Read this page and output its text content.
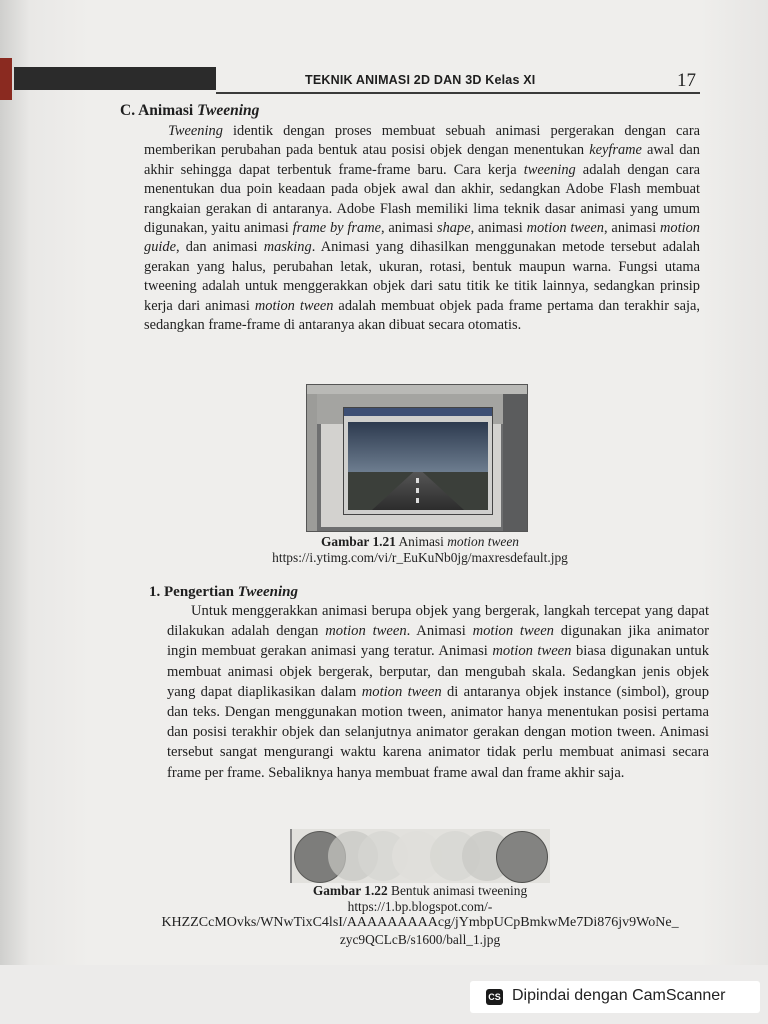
TEKNIK ANIMASI 2D DAN 3D Kelas XI	17
C. Animasi Tweening

Tweening identik dengan proses membuat sebuah animasi pergerakan dengan cara memberikan perubahan pada bentuk atau posisi objek dengan menentukan keyframe awal dan akhir sehingga dapat terbentuk frame-frame baru. Cara kerja tweening adalah dengan cara menentukan dua poin keadaan pada objek awal dan akhir, sedangkan Adobe Flash membuat rangkaian gerakan di antaranya. Adobe Flash memiliki lima teknik dasar animasi yang umum digunakan, yaitu animasi frame by frame, animasi shape, animasi motion tween, animasi motion guide, dan animasi masking. Animasi yang dihasilkan menggunakan metode tersebut adalah gerakan yang halus, perubahan letak, ukuran, rotasi, bentuk maupun warna. Fungsi utama tweening adalah untuk menggerakkan objek dari satu titik ke titik lainnya, sedangkan prinsip kerja dari animasi motion tween adalah membuat objek pada frame pertama dan terakhir saja, sedangkan frame-frame di antaranya akan dibuat secara otomatis.

Gambar 1.21 Animasi motion tween

https://i.ytimg.com/vi/r_EuKuNb0jg/maxresdefault.jpg

1. Pengertian Tweening

Untuk menggerakkan animasi berupa objek yang bergerak, langkah tercepat yang dapat dilakukan adalah dengan motion tween. Animasi motion tween digunakan jika animator ingin membuat gerakan animasi yang teratur. Animasi motion tween biasa digunakan untuk membuat animasi objek bergerak, berputar, dan mengubah skala. Sedangkan jenis objek yang dapat diaplikasikan dalam motion tween di antaranya objek instance (simbol), group dan teks. Dengan menggunakan motion tween, animator hanya menentukan posisi pertama dan posisi terakhir objek dan selanjutnya animator gerakan dengan motion tween. Animasi tersebut sangat mengurangi waktu karena animator tidak perlu membuat animasi secara frame per frame. Sebaliknya hanya membuat frame awal dan frame akhir saja.

Gambar 1.22 Bentuk animasi tweening

https://1.bp.blogspot.com/-

KHZZCcMOvks/WNwTixC4lsI/AAAAAAAAAcg/jYmbpUCpBmkwMe7Di876jv9WoNe_

zyc9QCLcB/s1600/ball_1.jpg

CS Dipindai dengan CamScanner
